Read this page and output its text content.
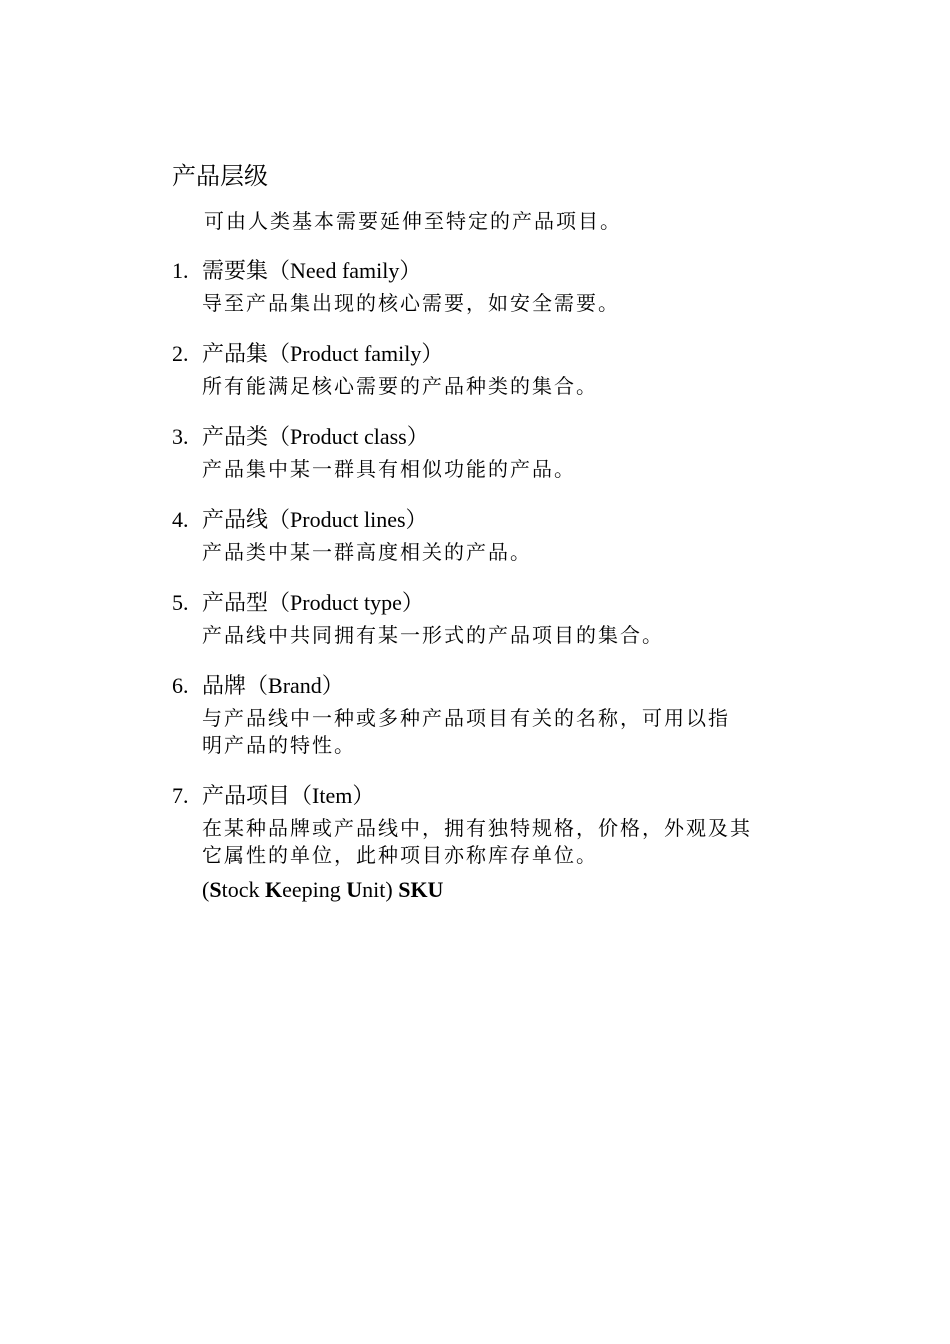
产品层级
可由人类基本需要延伸至特定的产品项目。
1. 需要集（Need family）
导至产品集出现的核心需要，如安全需要。
2. 产品集（Product family）
所有能满足核心需要的产品种类的集合。
3. 产品类（Product class）
产品集中某一群具有相似功能的产品。
4. 产品线（Product lines）
产品类中某一群高度相关的产品。
5. 产品型（Product type）
产品线中共同拥有某一形式的产品项目的集合。
6. 品牌（Brand）
与产品线中一种或多种产品项目有关的名称，可用以指
明产品的特性。
7. 产品项目（Item）
在某种品牌或产品线中，拥有独特规格，价格，外观及其
它属性的单位，此种项目亦称库存单位。
(Stock Keeping Unit) SKU
